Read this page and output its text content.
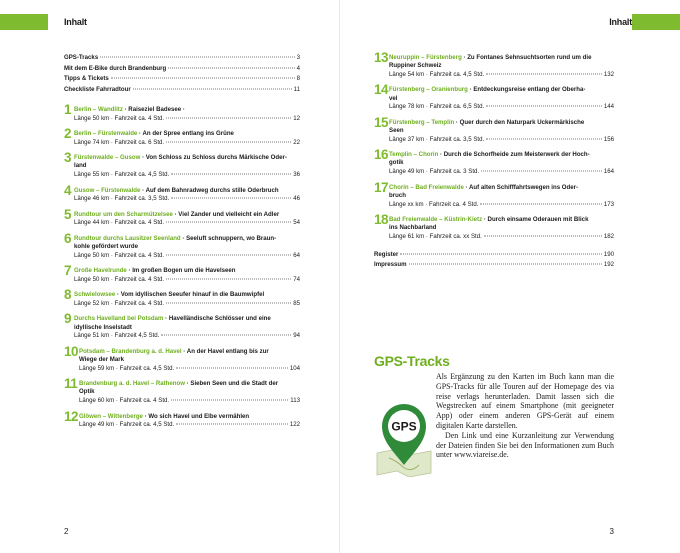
Inhalt
GPS-Tracks	3
Mit dem E-Bike durch Brandenburg	4
Tipps & Tickets	8
Checkliste Fahrradtour	11
1 Berlin – Wandlitz · Raiseziel Badesee ·
Länge 50 km · Fahrzeit ca. 4 Std.	12
2 Berlin – Fürstenwalde · An der Spree entlang ins Grüne
Länge 74 km · Fahrzeit ca. 6 Std.	22
3 Fürstenwalde – Gusow · Von Schloss zu Schloss durchs Märkische Oder-
land
Länge 55 km · Fahrzeit ca. 4,5 Std.	36
4 Gusow – Fürstenwalde · Auf dem Bahnradweg durchs stille Oderbruch
Länge 46 km · Fahrzeit ca. 3,5 Std.	46
5 Rundtour um den Scharmützelsee · Viel Zander und vielleicht ein Adler
Länge 44 km · Fahrzeit ca. 4 Std.	54
6 Rundtour durchs Lausitzer Seenland · Seeluft schnuppern, wo Braun-
kohle gefördert wurde
Länge 50 km · Fahrzeit ca. 4 Std.	64
7 Große Havelrunde · Im großen Bogen um die Havelseen
Länge 50 km · Fahrzeit ca. 4 Std.	74
8 Schwielowsee · Vom idyllischen Seeufer hinauf in die Baumwipfel
Länge 52 km · Fahrzeit ca. 4 Std.	85
9 Durchs Havelland bei Potsdam · Havelländische Schlösser und eine
idyllische Inselstadt
Länge 51 km · Fahrzeit 4,5 Std.	94
10 Potsdam – Brandenburg a. d. Havel · An der Havel entlang bis zur
Wiege der Mark
Länge 59 km · Fahrzeit ca. 4,5 Std.	104
11 Brandenburg a. d. Havel – Rathenow · Sieben Seen und die Stadt der
Optik
Länge 60 km · Fahrzeit ca. 4 Std.	113
12 Glöwen – Wittenberge · Wo sich Havel und Elbe vermählen
Länge 49 km · Fahrzeit ca. 4,5 Std.	122
2
Inhalt
13 Neuruppin – Fürstenberg · Zu Fontanes Sehnsuchtsorten rund um die
Ruppiner Schweiz
Länge 54 km · Fahrzeit ca. 4,5 Std.	132
14 Fürstenberg – Oranienburg · Entdeckungsreise entlang der Oberha-
vel
Länge 78 km · Fahrzeit ca. 6,5 Std.	144
15 Fürstenberg – Templin · Quer durch den Naturpark Uckermärkische
Seen
Länge 37 km · Fahrzeit ca. 3,5 Std.	156
16 Templin – Chorin · Durch die Schorfheide zum Meisterwerk der Hoch-
gotik
Länge 49 km · Fahrzeit ca. 3 Std.	164
17 Chorin – Bad Freienwalde · Auf alten Schifffahrtswegen ins Oder-
bruch
Länge xx km · Fahrzeit ca. 4 Std.	173
18 Bad Freienwalde – Küstrin-Kietz · Durch einsame Oderauen mit Blick
ins Nachbarland
Länge 61 km · Fahrzeit ca. xx Std.	182
Register	190
Impressum	192
GPS-Tracks

Als Ergänzung zu den Karten im Buch kann man die GPS-Tracks für alle Touren auf der Homepage des via reise verlags herunterladen. Damit lassen sich die Wegstrecken auf einem Smartphone (mit geeigneter App) oder einem anderen GPS-Gerät auf einem digitalen Karte darstellen.

Den Link und eine Kurzanleitung zur Verwendung der Dateien finden Sie bei den Informationen zum Buch unter www.viareise.de.

GPS
3
